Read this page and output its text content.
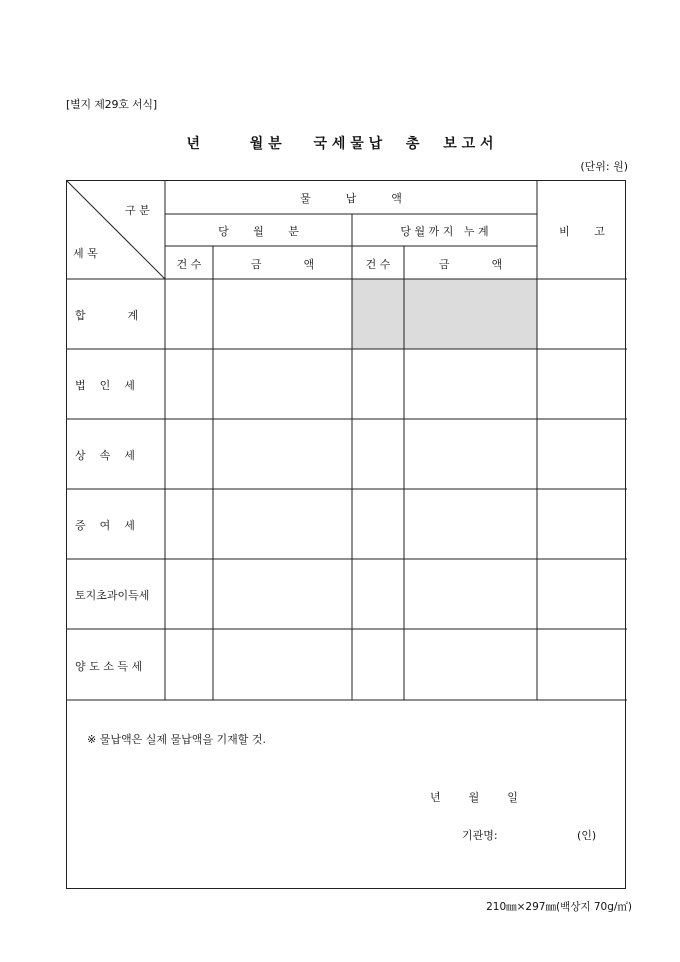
[별지 제29호 서식]
년	월 분 국 세 물 납 총 보 고 서
(단위: 원)
구 분
세 목
물          납          액
당       월       분	당 월 까 지   누 계	비       고
건 수	금            액	건 수	금            액
합            계
법    인    세
상    속    세
증    여    세
토지초과이득세
양 도 소 득 세
※ 물납액은 실제 물납액을 기재할 것.
년        월        일
기관명:	(인)
210㎜×297㎜(백상지 70g/㎡)
